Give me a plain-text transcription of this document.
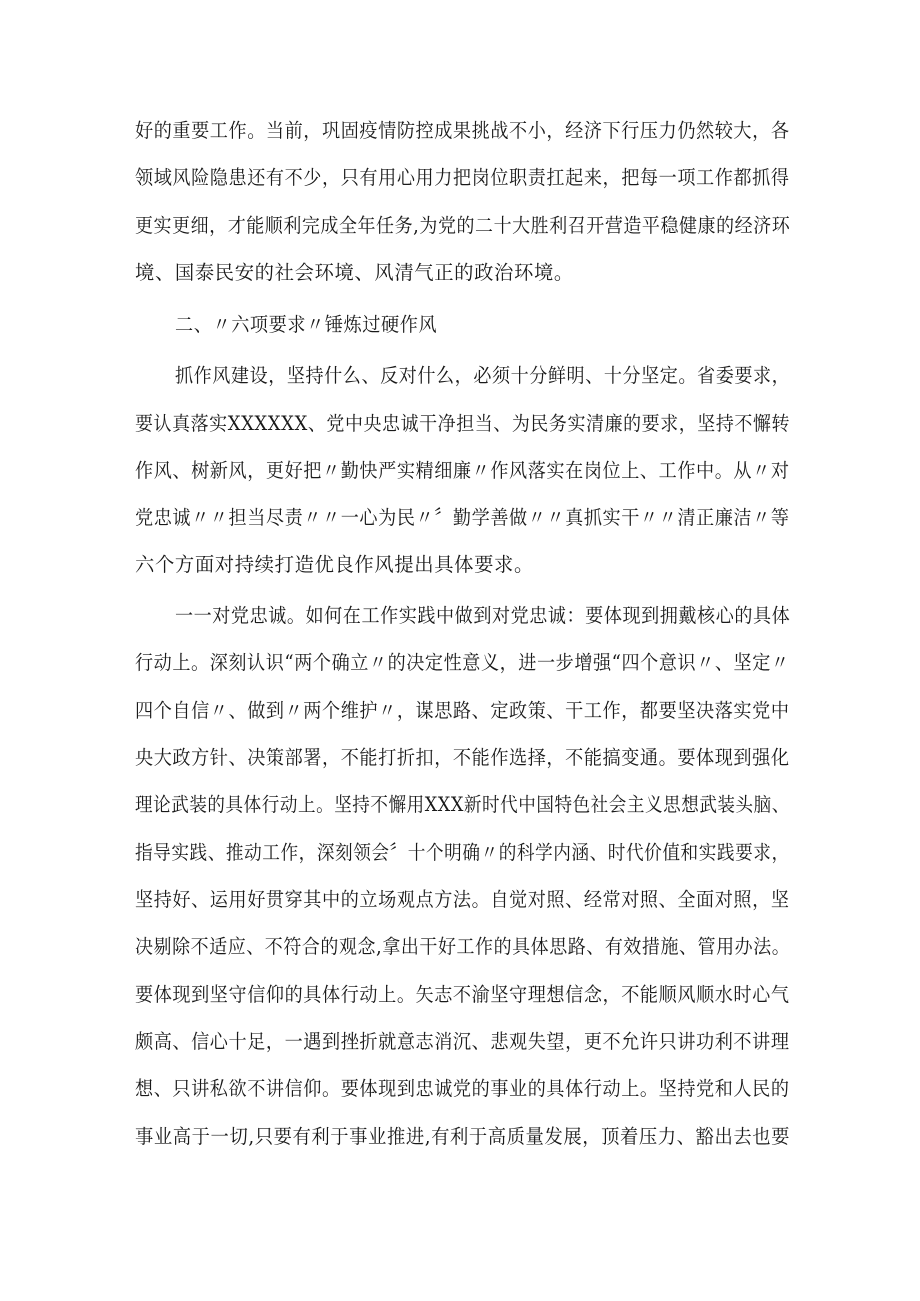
好的重要工作。当前，巩固疫情防控成果挑战不小，经济下行压力仍然较大，各
领域风险隐患还有不少，只有用心用力把岗位职责扛起来，把每一项工作都抓得
更实更细，才能顺利完成全年任务,为党的二十大胜利召开营造平稳健康的经济环
境、国泰民安的社会环境、风清气正的政治环境。
二、〃六项要求〃锤炼过硬作风
抓作风建设，坚持什么、反对什么，必须十分鲜明、十分坚定。省委要求，
要认真落实XXXXXX、党中央忠诚干净担当、为民务实清廉的要求，坚持不懈转
作风、树新风，更好把〃勤快严实精细廉〃作风落实在岗位上、工作中。从〃对
党忠诚〃〃担当尽责〃〃一心为民〃〞勤学善做〃〃真抓实干〃〃清正廉洁〃等
六个方面对持续打造优良作风提出具体要求。
一一对党忠诚。如何在工作实践中做到对党忠诚：要体现到拥戴核心的具体
行动上。深刻认识“两个确立〃的决定性意义，进一步增强“四个意识〃、坚定〃
四个自信〃、做到〃两个维护〃，谋思路、定政策、干工作，都要坚决落实党中
央大政方针、决策部署，不能打折扣，不能作选择，不能搞变通。要体现到强化
理论武装的具体行动上。坚持不懈用XXX新时代中国特色社会主义思想武装头脑、
指导实践、推动工作，深刻领会〞十个明确〃的科学内涵、时代价值和实践要求，
坚持好、运用好贯穿其中的立场观点方法。自觉对照、经常对照、全面对照，坚
决剔除不适应、不符合的观念,拿出干好工作的具体思路、有效措施、管用办法。
要体现到坚守信仰的具体行动上。矢志不渝坚守理想信念，不能顺风顺水时心气
颇高、信心十足，一遇到挫折就意志消沉、悲观失望，更不允许只讲功利不讲理
想、只讲私欲不讲信仰。要体现到忠诚党的事业的具体行动上。坚持党和人民的
事业高于一切,只要有利于事业推进,有利于高质量发展，顶着压力、豁出去也要
